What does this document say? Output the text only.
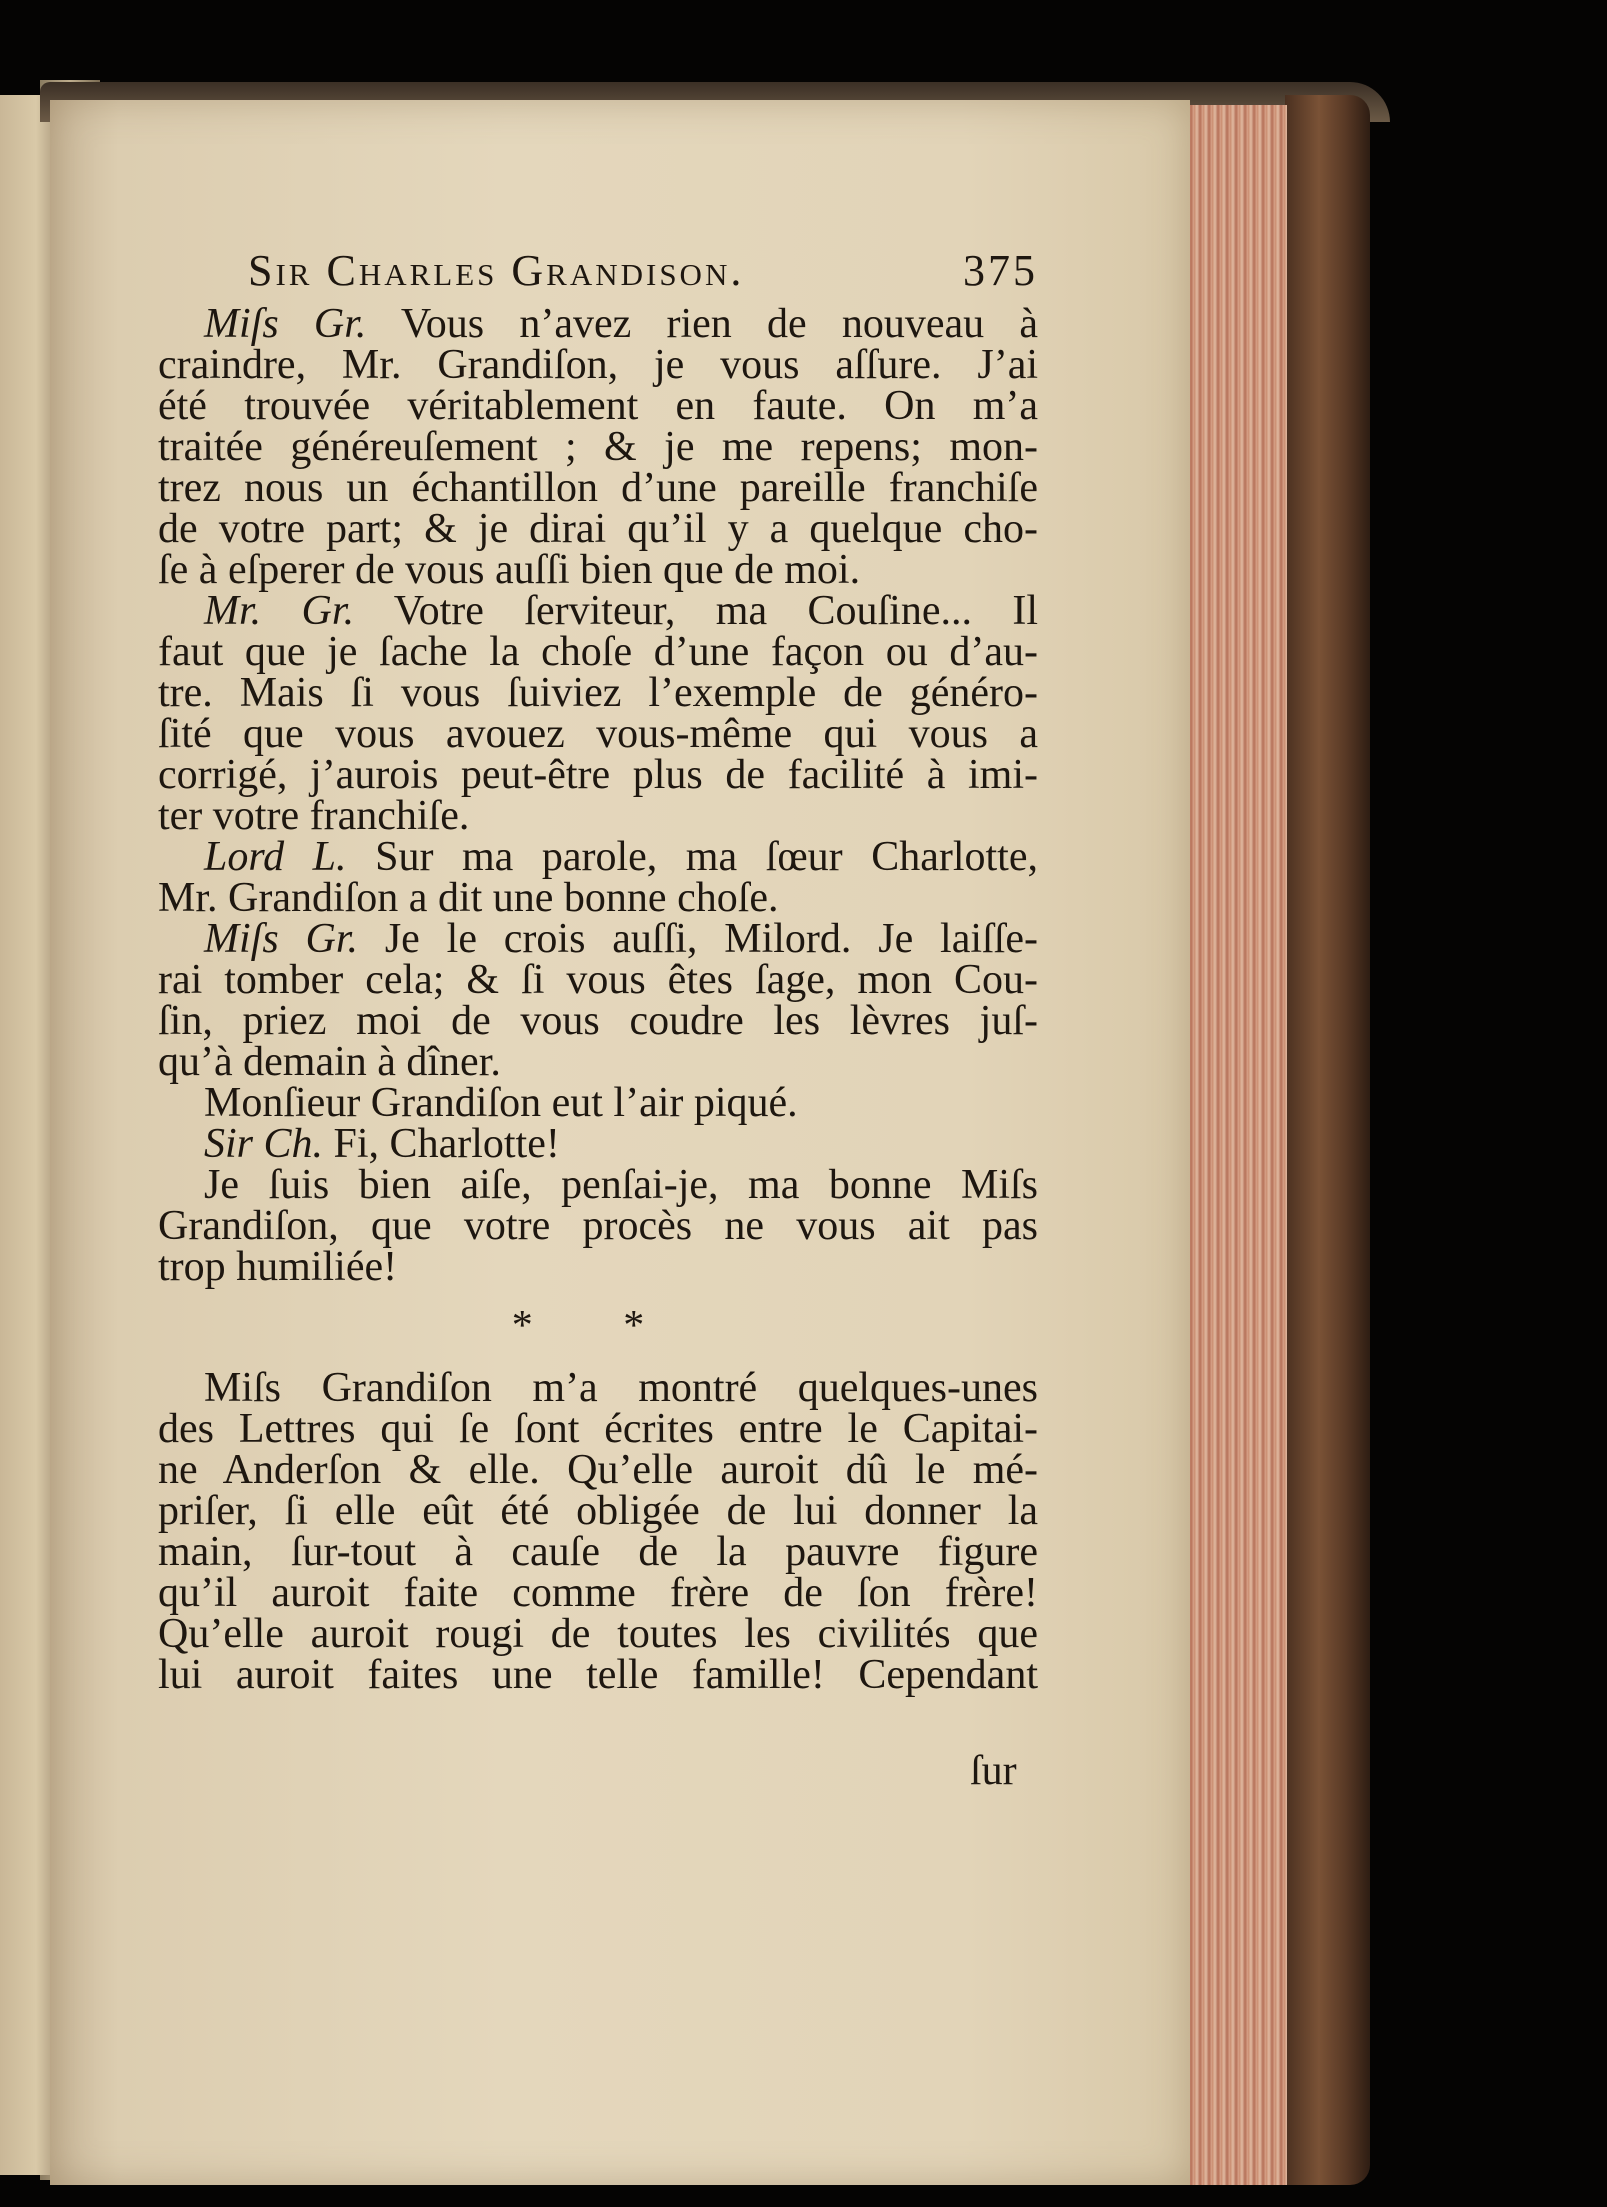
Sir Charles Grandison.	375
Miſs Gr. Vous n’avez rien de nouveau à
craindre, Mr. Grandiſon, je vous aſſure. J’ai
été trouvée véritablement en faute. On m’a
traitée généreuſement ; & je me repens; mon-
trez nous un échantillon d’une pareille franchiſe
de votre part; & je dirai qu’il y a quelque cho-
ſe à eſperer de vous auſſi bien que de moi.
Mr. Gr. Votre ſerviteur, ma Couſine... Il
faut que je ſache la choſe d’une façon ou d’au-
tre. Mais ſi vous ſuiviez l’exemple de généro-
ſité que vous avouez vous-même qui vous a
corrigé, j’aurois peut-être plus de facilité à imi-
ter votre franchiſe.
Lord L. Sur ma parole, ma ſœur Charlotte,
Mr. Grandiſon a dit une bonne choſe.
Miſs Gr. Je le crois auſſi, Milord. Je laiſſe-
rai tomber cela; & ſi vous êtes ſage, mon Cou-
ſin, priez moi de vous coudre les lèvres juſ-
qu’à demain à dîner.
Monſieur Grandiſon eut l’air piqué.
Sir Ch. Fi, Charlotte!
Je ſuis bien aiſe, penſai-je, ma bonne Miſs
Grandiſon, que votre procès ne vous ait pas
trop humiliée!
* *
Miſs Grandiſon m’a montré quelques-unes
des Lettres qui ſe ſont écrites entre le Capitai-
ne Anderſon & elle. Qu’elle auroit dû le mé-
priſer, ſi elle eût été obligée de lui donner la
main, ſur-tout à cauſe de la pauvre figure
qu’il auroit faite comme frère de ſon frère!
Qu’elle auroit rougi de toutes les civilités que
lui auroit faites une telle famille! Cependant
ſur
